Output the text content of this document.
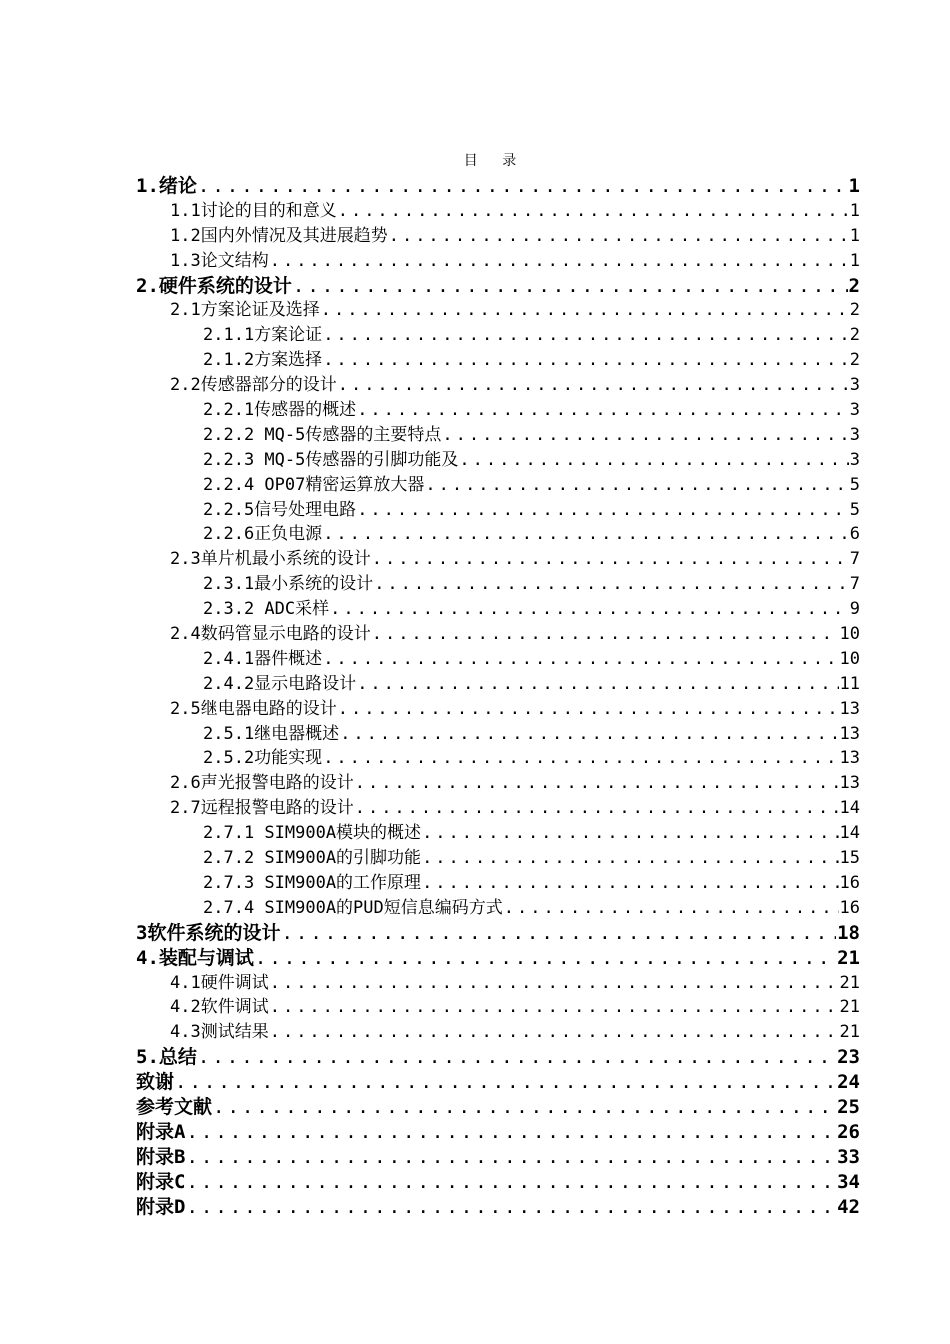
目 录
1.绪论 .....	1
1.1讨论的目的和意义 .....	1
1.2国内外情况及其进展趋势 .....	1
1.3论文结构 .....	1
2.硬件系统的设计 .....	2
2.1方案论证及选择 .....	2
2.1.1方案论证 .....	2
2.1.2方案选择 .....	2
2.2传感器部分的设计 .....	3
2.2.1传感器的概述 .....	3
2.2.2 MQ-5传感器的主要特点 .....	3
2.2.3 MQ-5传感器的引脚功能及 .....	3
2.2.4 OP07精密运算放大器 .....	5
2.2.5信号处理电路 .....	5
2.2.6正负电源 .....	6
2.3单片机最小系统的设计 .....	7
2.3.1最小系统的设计 .....	7
2.3.2 ADC采样 .....	9
2.4数码管显示电路的设计 .....	10
2.4.1器件概述 .....	10
2.4.2显示电路设计 .....	11
2.5继电器电路的设计 .....	13
2.5.1继电器概述 .....	13
2.5.2功能实现 .....	13
2.6声光报警电路的设计 .....	13
2.7远程报警电路的设计 .....	14
2.7.1 SIM900A模块的概述 .....	14
2.7.2 SIM900A的引脚功能 .....	15
2.7.3 SIM900A的工作原理 .....	16
2.7.4 SIM900A的PUD短信息编码方式 .....	16
3软件系统的设计 .....	18
4.装配与调试 .....	21
4.1硬件调试 .....	21
4.2软件调试 .....	21
4.3测试结果 .....	21
5.总结 .....	23
致谢 .....	24
参考文献 .....	25
附录A .....	26
附录B .....	33
附录C .....	34
附录D .....	42
